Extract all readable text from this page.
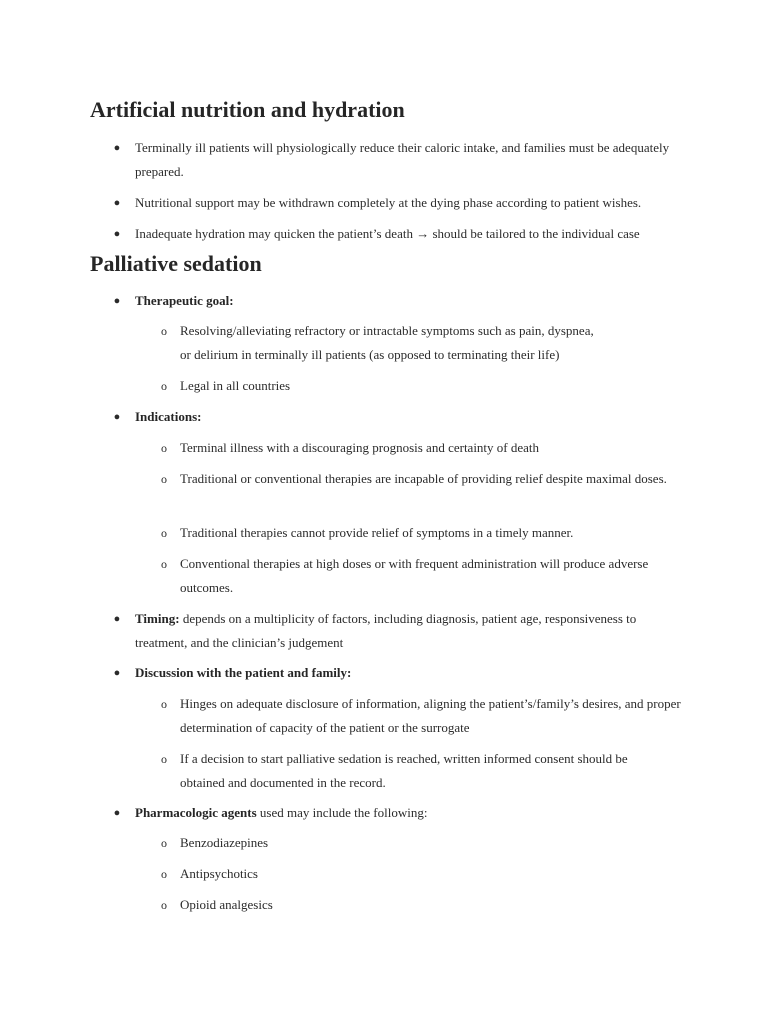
Artificial nutrition and hydration
● Terminally ill patients will physiologically reduce their caloric intake, and families must be adequately prepared.
● Nutritional support may be withdrawn completely at the dying phase according to patient wishes.
● Inadequate hydration may quicken the patient’s death → should be tailored to the individual case
Palliative sedation
● Therapeutic goal:
o	Resolving/alleviating refractory or intractable symptoms such as pain, dyspnea,
or delirium in terminally ill patients (as opposed to terminating their life)
o	Legal in all countries
● Indications:
o	Terminal illness with a discouraging prognosis and certainty of death
o	Traditional or conventional therapies are incapable of providing relief despite maximal doses.
o	Traditional therapies cannot provide relief of symptoms in a timely manner.
o	Conventional therapies at high doses or with frequent administration will produce adverse outcomes.
● Timing: depends on a multiplicity of factors, including diagnosis, patient age, responsiveness to treatment, and the clinician’s judgement
● Discussion with the patient and family:
o	Hinges on adequate disclosure of information, aligning the patient’s/family’s desires, and proper determination of capacity of the patient or the surrogate
o	If a decision to start palliative sedation is reached, written informed consent should be obtained and documented in the record.
● Pharmacologic agents used may include the following:
o	Benzodiazepines
o	Antipsychotics
o	Opioid analgesics
